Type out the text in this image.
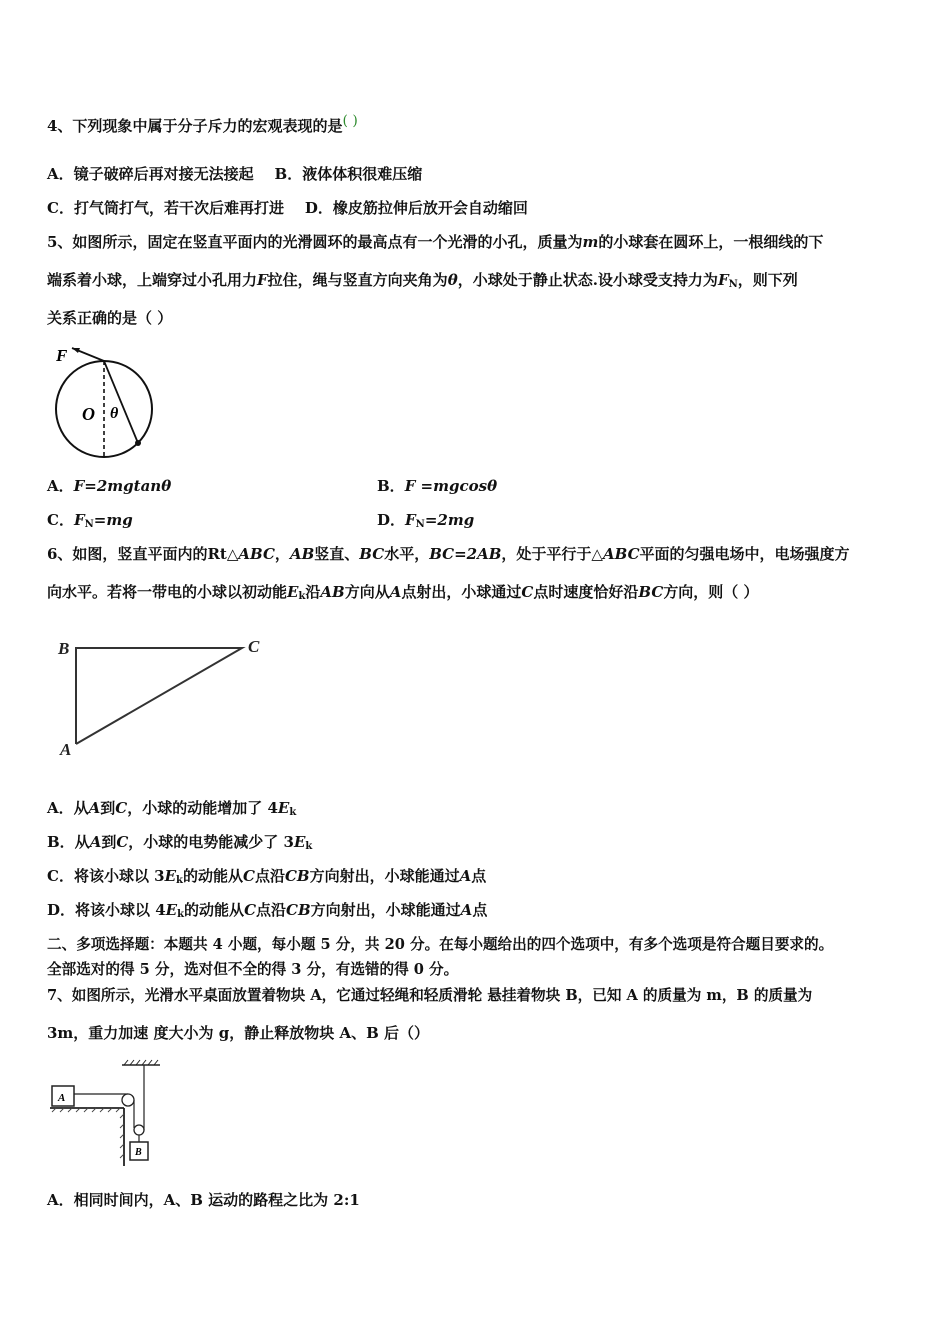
4、下列现象中属于分子斥力的宏观表现的是( )
A．镜子破碎后再对接无法接起 B．液体体积很难压缩
C．打气筒打气，若干次后难再打进 D．橡皮筋拉伸后放开会自动缩回
5、如图所示，固定在竖直平面内的光滑圆环的最高点有一个光滑的小孔，质量为m的小球套在圆环上，一根细线的下
端系着小球，上端穿过小孔用力F拉住，绳与竖直方向夹角为θ，小球处于静止状态.设小球受支持力为$F_N$，则下列
关系正确的是（ ）
F
O θ
A．F=2mgtanθ	B．F =mgcosθ
C．$F_N=mg$	D．$F_N=2mg$
6、如图，竖直平面内的Rt△ABC，AB竖直、BC水平，BC=2AB，处于平行于△ABC平面的匀强电场中，电场强度方
向水平。若将一带电的小球以初动能$E_k$沿AB方向从A点射出，小球通过C点时速度恰好沿BC方向，则（ ）
B	C
A
A．从A到C，小球的动能增加了 $4E_k$
B．从A到C，小球的电势能减少了 $3E_k$
C．将该小球以 $3E_k$的动能从C点沿CB方向射出，小球能通过A点
D．将该小球以 $4E_k$的动能从C点沿CB方向射出，小球能通过A点
二、多项选择题：本题共 4 小题，每小题 5 分，共 20 分。在每小题给出的四个选项中，有多个选项是符合题目要求的。
全部选对的得 5 分，选对但不全的得 3 分，有选错的得 0 分。
7、如图所示，光滑水平桌面放置着物块 A，它通过轻绳和轻质滑轮 悬挂着物块 B，已知 A 的质量为 m，B 的质量为
3m，重力加速 度大小为 g，静止释放物块 A、B 后（）
A
B
A．相同时间内，A、B 运动的路程之比为 2:1
